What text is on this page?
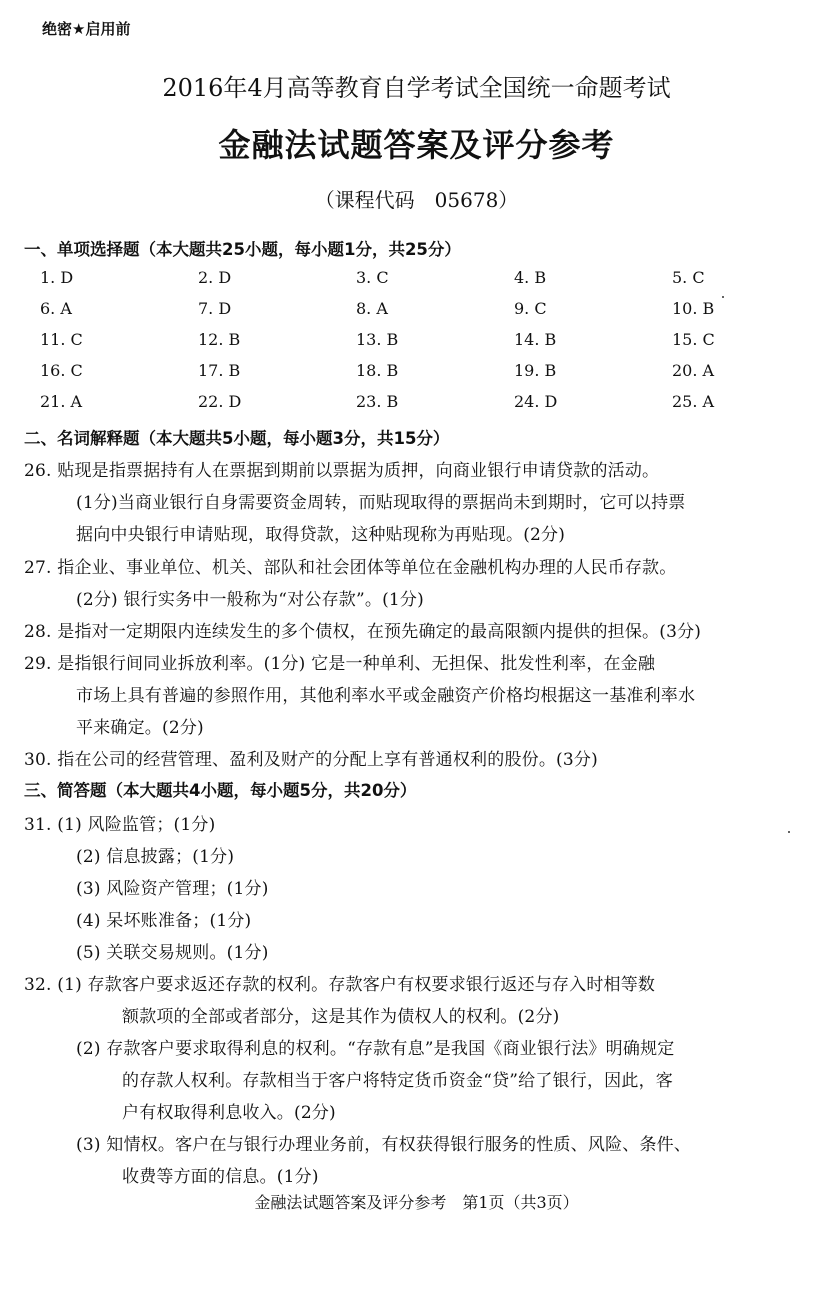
绝密★启用前
2016年4月高等教育自学考试全国统一命题考试
金融法试题答案及评分参考
（课程代码　05678）
一、单项选择题（本大题共25小题，每小题1分，共25分）
1. D	2. D	3. C	4. B	5. C
6. A	7. D	8. A	9. C	10. B
11. C	12. B	13. B	14. B	15. C
16. C	17. B	18. B	19. B	20. A
21. A	22. D	23. B	24. D	25. A
二、名词解释题（本大题共5小题，每小题3分，共15分）
26. 贴现是指票据持有人在票据到期前以票据为质押，向商业银行申请贷款的活动。
(1分)当商业银行自身需要资金周转，而贴现取得的票据尚未到期时，它可以持票
据向中央银行申请贴现，取得贷款，这种贴现称为再贴现。(2分)
27. 指企业、事业单位、机关、部队和社会团体等单位在金融机构办理的人民币存款。
(2分) 银行实务中一般称为“对公存款”。(1分)
28. 是指对一定期限内连续发生的多个债权，在预先确定的最高限额内提供的担保。(3分)
29. 是指银行间同业拆放利率。(1分) 它是一种单利、无担保、批发性利率，在金融
市场上具有普遍的参照作用，其他利率水平或金融资产价格均根据这一基准利率水
平来确定。(2分)
30. 指在公司的经营管理、盈利及财产的分配上享有普通权利的股份。(3分)
三、简答题（本大题共4小题，每小题5分，共20分）
31. (1) 风险监管；(1分)
(2) 信息披露；(1分)
(3) 风险资产管理；(1分)
(4) 呆坏账准备；(1分)
(5) 关联交易规则。(1分)
32. (1) 存款客户要求返还存款的权利。存款客户有权要求银行返还与存入时相等数
额款项的全部或者部分，这是其作为债权人的权利。(2分)
(2) 存款客户要求取得利息的权利。“存款有息”是我国《商业银行法》明确规定
的存款人权利。存款相当于客户将特定货币资金“贷”给了银行，因此，客
户有权取得利息收入。(2分)
(3) 知情权。客户在与银行办理业务前，有权获得银行服务的性质、风险、条件、
收费等方面的信息。(1分)
金融法试题答案及评分参考　第1页（共3页）
